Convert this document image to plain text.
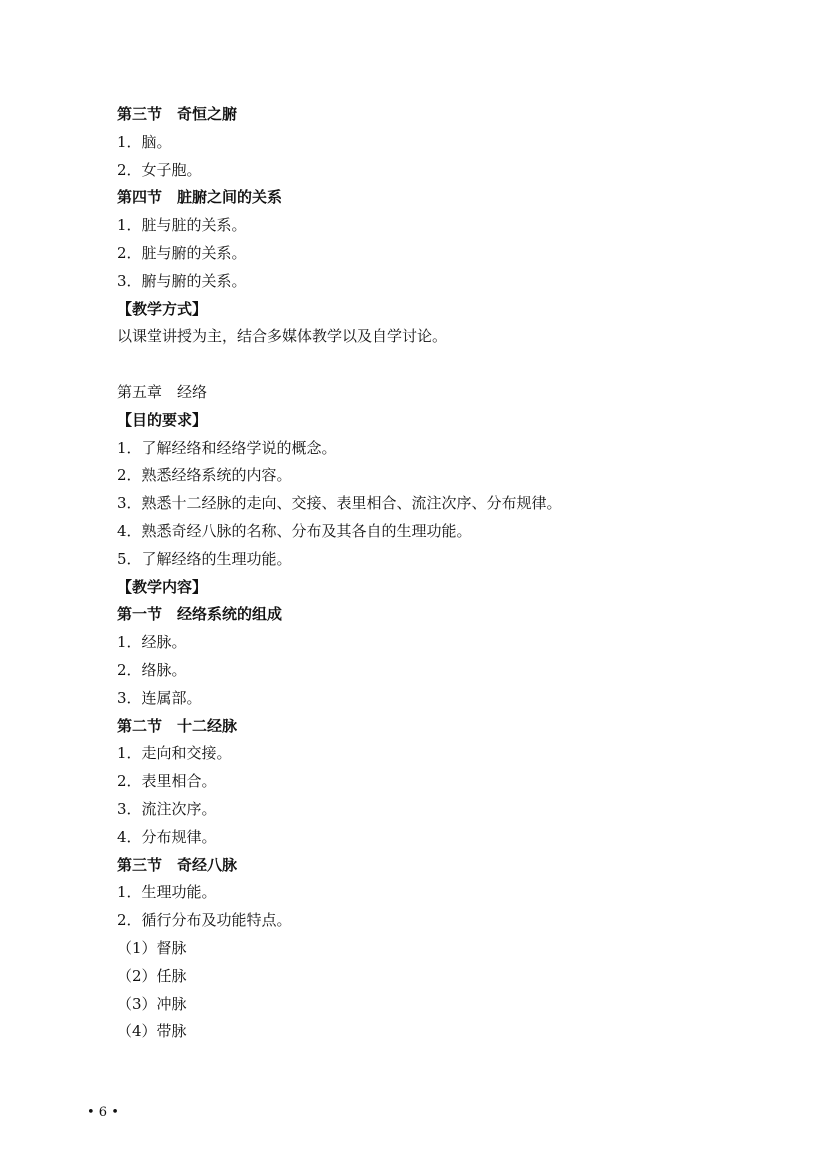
第三节　奇恒之腑
1．脑。
2．女子胞。
第四节　脏腑之间的关系
1．脏与脏的关系。
2．脏与腑的关系。
3．腑与腑的关系。
【教学方式】
以课堂讲授为主，结合多媒体教学以及自学讨论。
第五章　经络
【目的要求】
1．了解经络和经络学说的概念。
2．熟悉经络系统的内容。
3．熟悉十二经脉的走向、交接、表里相合、流注次序、分布规律。
4．熟悉奇经八脉的名称、分布及其各自的生理功能。
5．了解经络的生理功能。
【教学内容】
第一节　经络系统的组成
1．经脉。
2．络脉。
3．连属部。
第二节　十二经脉
1．走向和交接。
2．表里相合。
3．流注次序。
4．分布规律。
第三节　奇经八脉
1．生理功能。
2．循行分布及功能特点。
（1）督脉
（2）任脉
（3）冲脉
（4）带脉
• 6 •
